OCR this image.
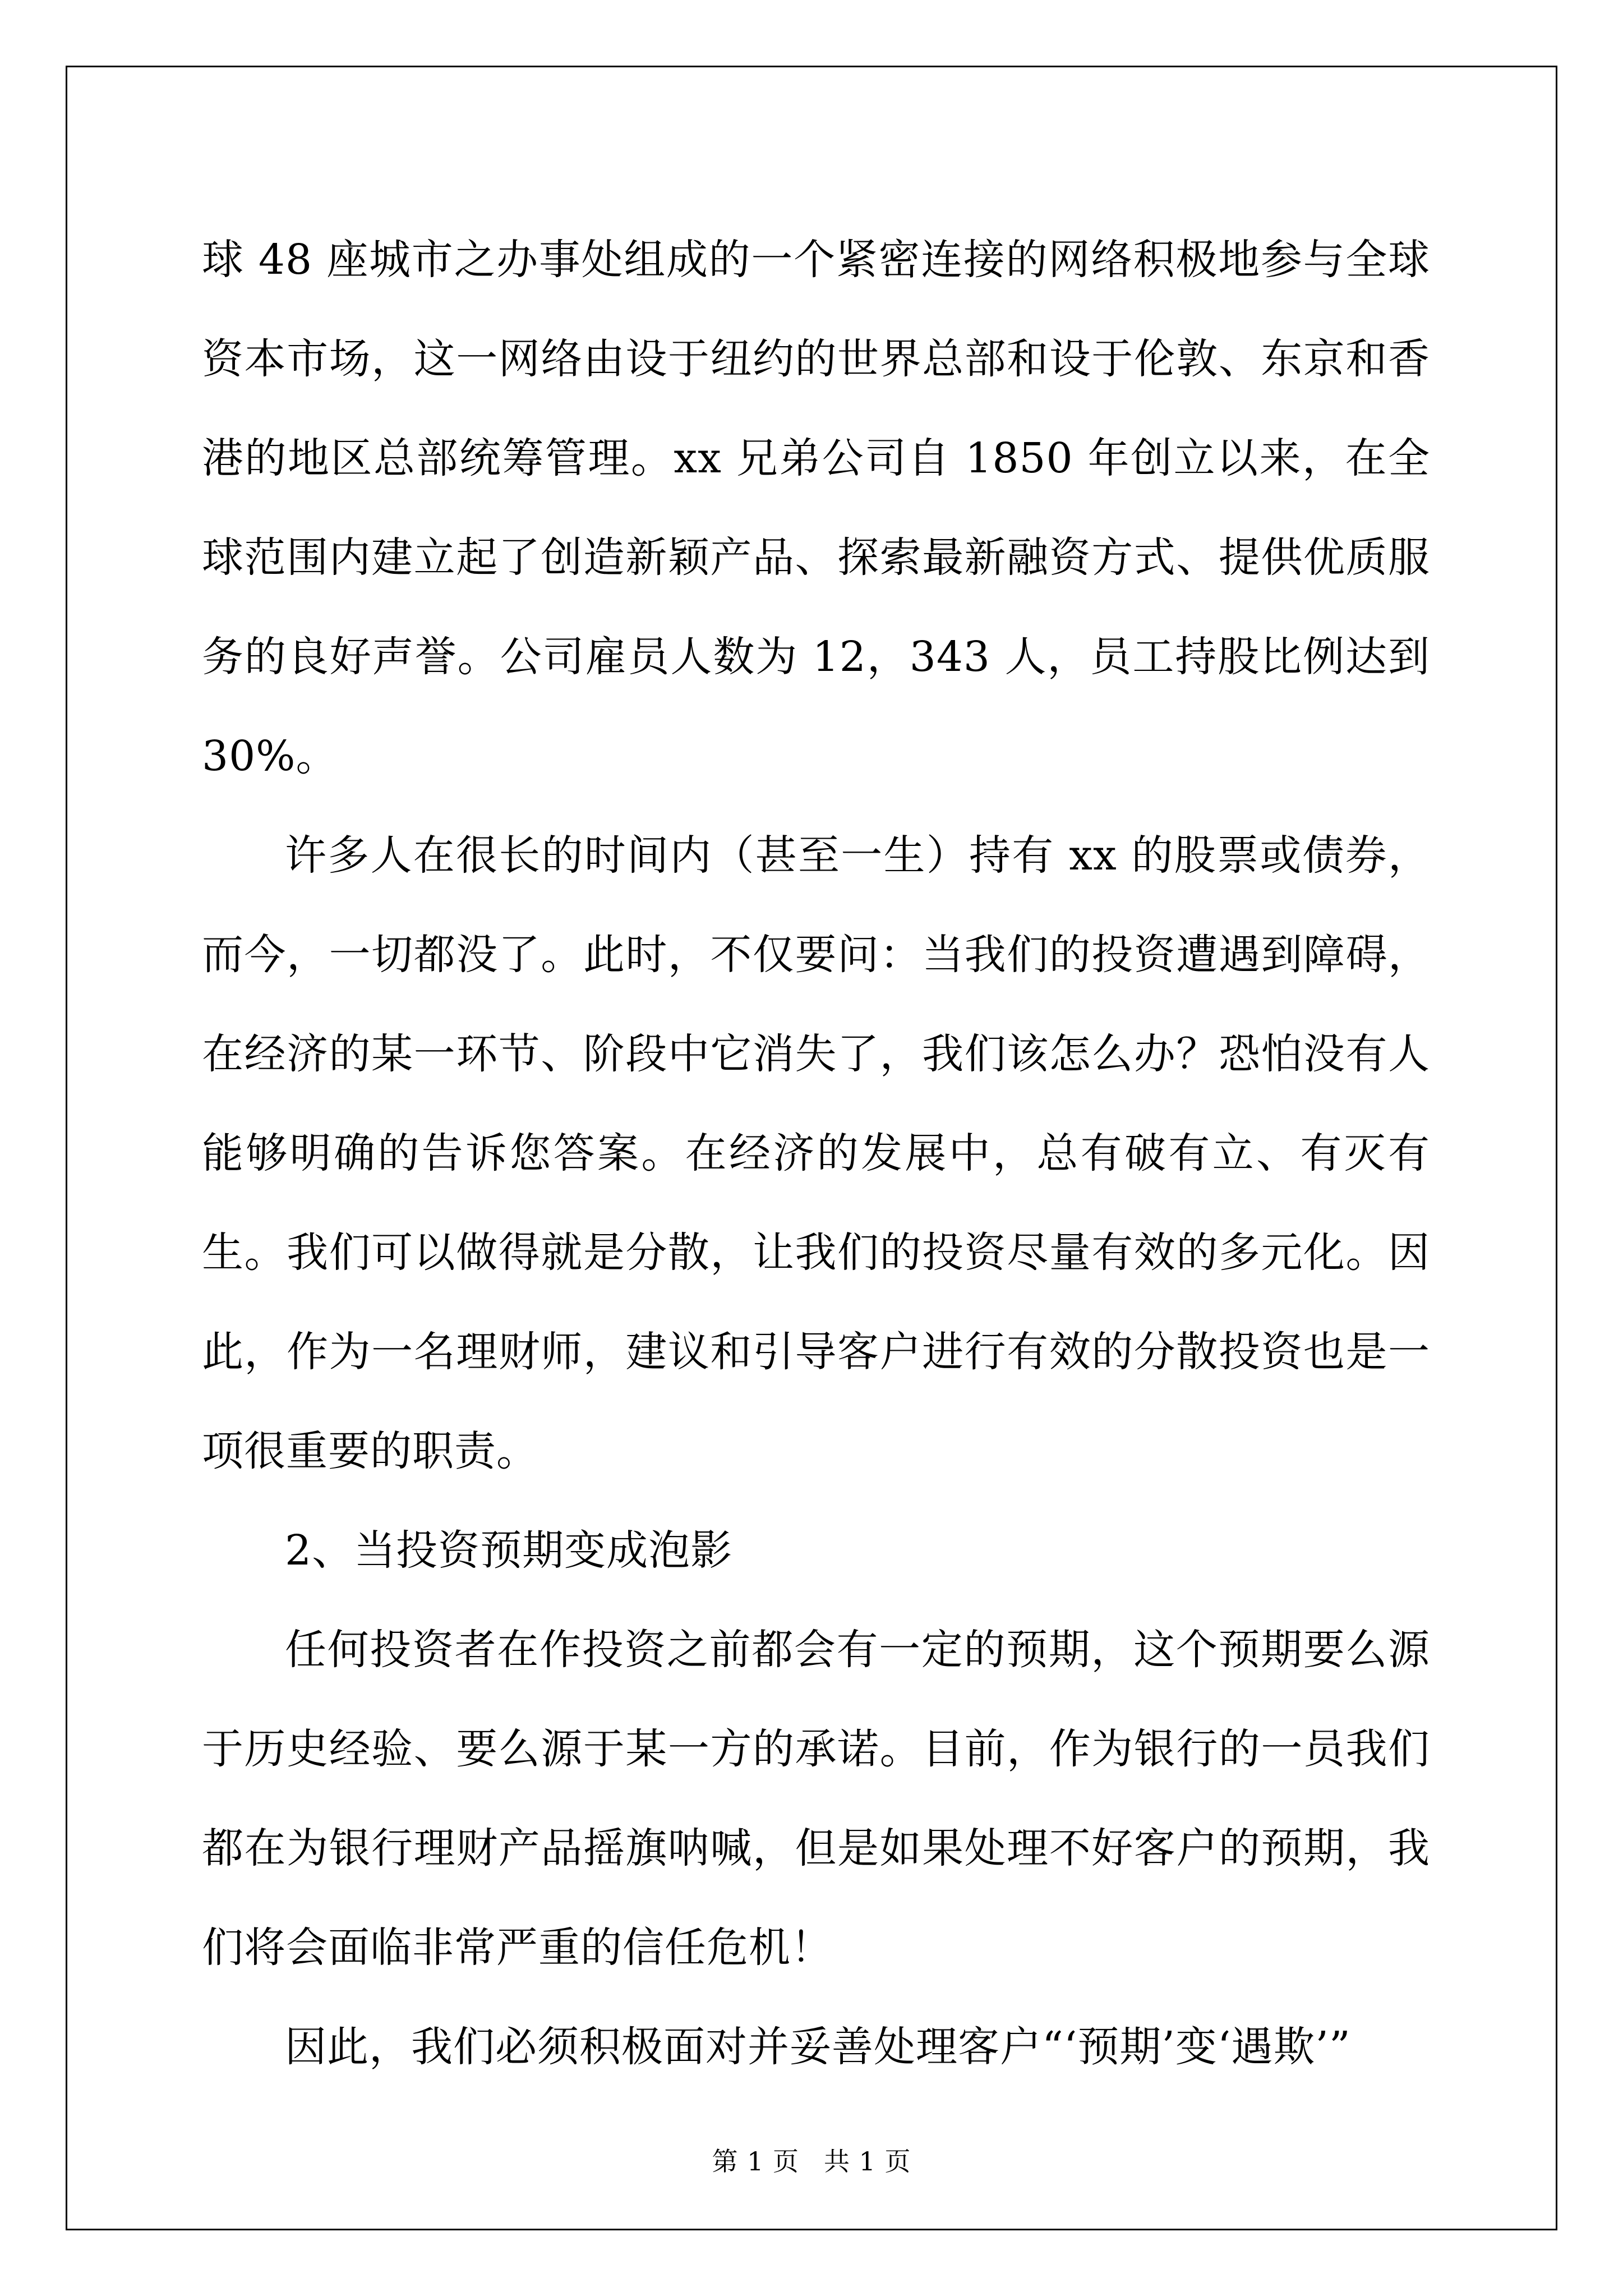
球 48 座城市之办事处组成的一个紧密连接的网络积极地参与全球资本市场，这一网络由设于纽约的世界总部和设于伦敦、东京和香港的地区总部统筹管理。xx 兄弟公司自 1850 年创立以来，在全球范围内建立起了创造新颖产品、探索最新融资方式、提供优质服务的良好声誉。公司雇员人数为 12，343 人，员工持股比例达到 30%。

许多人在很长的时间内（甚至一生）持有 xx 的股票或债券，而今，一切都没了。此时，不仅要问：当我们的投资遭遇到障碍，在经济的某一环节、阶段中它消失了，我们该怎么办？恐怕没有人能够明确的告诉您答案。在经济的发展中，总有破有立、有灭有生。我们可以做得就是分散，让我们的投资尽量有效的多元化。因此，作为一名理财师，建议和引导客户进行有效的分散投资也是一项很重要的职责。

2、当投资预期变成泡影

任何投资者在作投资之前都会有一定的预期，这个预期要么源于历史经验、要么源于某一方的承诺。目前，作为银行的一员我们都在为银行理财产品摇旗呐喊，但是如果处理不好客户的预期，我们将会面临非常严重的信任危机！

因此，我们必须积极面对并妥善处理客户“‘预期’变‘遇欺’”

第 1 页 共 1 页
